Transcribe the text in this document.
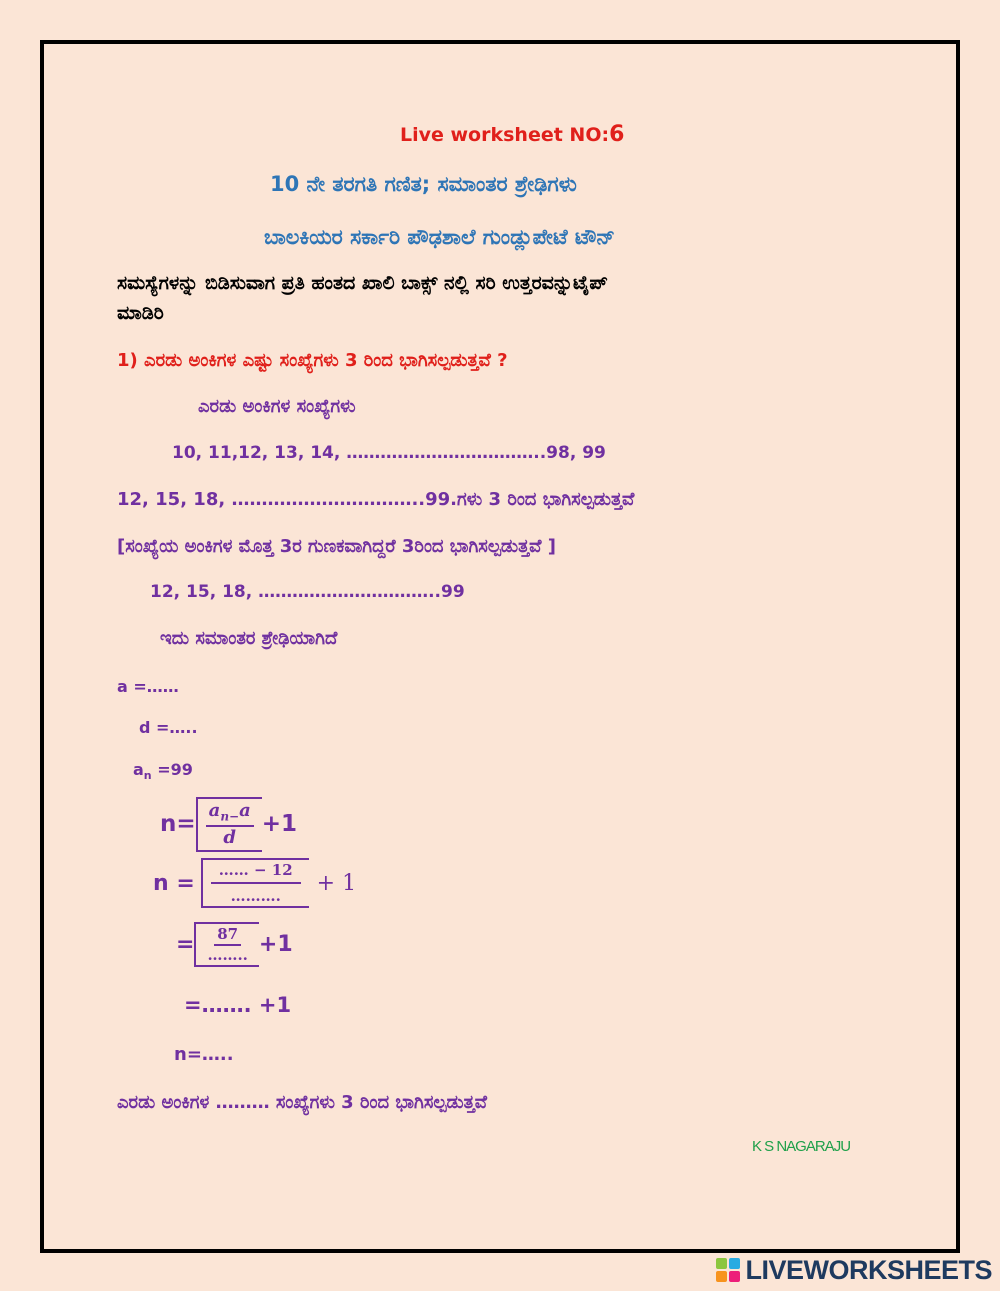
Live worksheet NO:6
10 ನೇ ತರಗತಿ ಗಣಿತ; ಸಮಾಂತರ ಶ್ರೇಢಿಗಳು
ಬಾಲಕಿಯರ ಸರ್ಕಾರಿ ಪೌಢಶಾಲೆ ಗುಂಡ್ಲುಪೇಟೆ ಟೌನ್
ಸಮಸ್ಯೆಗಳನ್ನು ಬಿಡಿಸುವಾಗ ಪ್ರತಿ ಹಂತದ ಖಾಲಿ ಬಾಕ್ಸ್ ನಲ್ಲಿ ಸರಿ ಉತ್ತರವನ್ನುಟೈಪ್
ಮಾಡಿರಿ
1) ಎರಡು ಅಂಕಿಗಳ ಎಷ್ಟು ಸಂಖ್ಯೆಗಳು 3 ರಿಂದ ಭಾಗಿಸಲ್ಪಡುತ್ತವೆ ?
ಎರಡು ಅಂಕಿಗಳ ಸಂಖ್ಯೆಗಳು
10, 11,12, 13, 14, ……………………………..98, 99
12, 15, 18, …………………………..99.ಗಳು 3 ರಿಂದ ಭಾಗಿಸಲ್ಪಡುತ್ತವೆ
[ಸಂಖ್ಯೆಯ ಅಂಕಿಗಳ ಮೊತ್ತ 3ರ ಗುಣಕವಾಗಿದ್ದರೆ 3ರಿಂದ ಭಾಗಿಸಲ್ಪಡುತ್ತವೆ ]
12, 15, 18, …………………………..99
ಇದು ಸಮಾಂತರ ಶ್ರೇಢಿಯಾಗಿದೆ
a =……
d =…..
$a_n =99$
$n= \frac{a_{n-}a}{d} +1$
$n = \frac{\dots\dots - 12}{\dots\dots\dots.} + 1$
= $\frac{87}{\dots\dots..} +1$
=……. +1
n=…..
ಎರಡು ಅಂಕಿಗಳ ……… ಸಂಖ್ಯೆಗಳು 3 ರಿಂದ ಭಾಗಿಸಲ್ಪಡುತ್ತವೆ
K S NAGARAJU
LIVEWORKSHEETS
